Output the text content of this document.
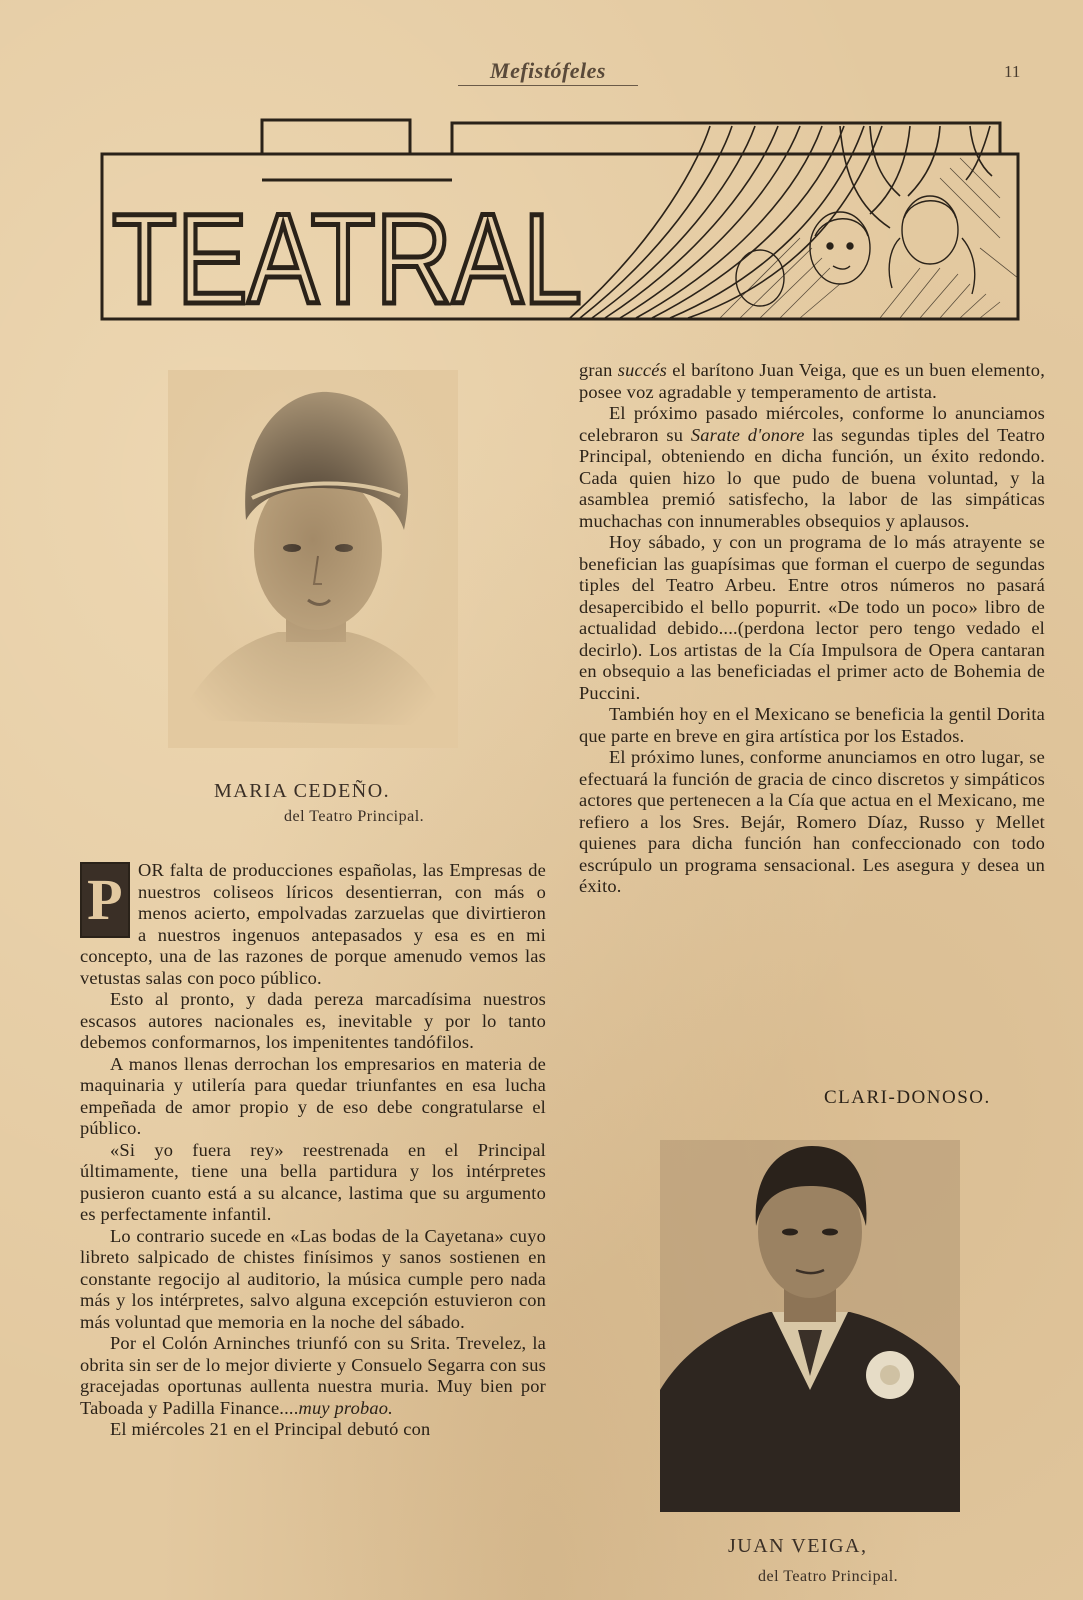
Mefistófeles	11
TEATRAL
MARIA CEDEÑO.
del Teatro Principal.
P OR falta de producciones españolas, las Empresas de nuestros coliseos líricos desentierran, con más o menos acierto, empolvadas zarzuelas que divirtieron a nuestros ingenuos antepasados y esa es en mi concepto, una de las razones de porque amenudo vemos las vetustas salas con poco público.

Esto al pronto, y dada pereza marcadísima nuestros escasos autores nacionales es, inevitable y por lo tanto debemos conformarnos, los impenitentes tandófilos.

A manos llenas derrochan los empresarios en materia de maquinaria y utilería para quedar triunfantes en esa lucha empeñada de amor propio y de eso debe congratularse el público.

«Si yo fuera rey» reestrenada en el Principal últimamente, tiene una bella partidura y los intérpretes pusieron cuanto está a su alcance, lastima que su argumento es perfectamente infantil.

Lo contrario sucede en «Las bodas de la Cayetana» cuyo libreto salpicado de chistes finísimos y sanos sostienen en constante regocijo al auditorio, la música cumple pero nada más y los intérpretes, salvo alguna excepción estuvieron con más voluntad que memoria en la noche del sábado.

Por el Colón Arninches triunfó con su Srita. Trevelez, la obrita sin ser de lo mejor divierte y Consuelo Segarra con sus gracejadas oportunas aullenta nuestra muria. Muy bien por Taboada y Padilla Finance....muy probao.

El miércoles 21 en el Principal debutó con

gran succés el barítono Juan Veiga, que es un buen elemento, posee voz agradable y temperamento de artista.

El próximo pasado miércoles, conforme lo anunciamos celebraron su Sarate d'onore las segundas tiples del Teatro Principal, obteniendo en dicha función, un éxito redondo. Cada quien hizo lo que pudo de buena voluntad, y la asamblea premió satisfecho, la labor de las simpáticas muchachas con innumerables obsequios y aplausos.

Hoy sábado, y con un programa de lo más atrayente se benefician las guapísimas que forman el cuerpo de segundas tiples del Teatro Arbeu. Entre otros números no pasará desapercibido el bello popurrit. «De todo un poco» libro de actualidad debido....(perdona lector pero tengo vedado el decirlo). Los artistas de la Cía Impulsora de Opera cantaran en obsequio a las beneficiadas el primer acto de Bohemia de Puccini.

También hoy en el Mexicano se beneficia la gentil Dorita que parte en breve en gira artística por los Estados.

El próximo lunes, conforme anunciamos en otro lugar, se efectuará la función de gracia de cinco discretos y simpáticos actores que pertenecen a la Cía que actua en el Mexicano, me refiero a los Sres. Bejár, Romero Díaz, Russo y Mellet quienes para dicha función han confeccionado con todo escrúpulo un programa sensacional. Les asegura y desea un éxito.

CLARI-DONOSO.
JUAN VEIGA,
del Teatro Principal.
